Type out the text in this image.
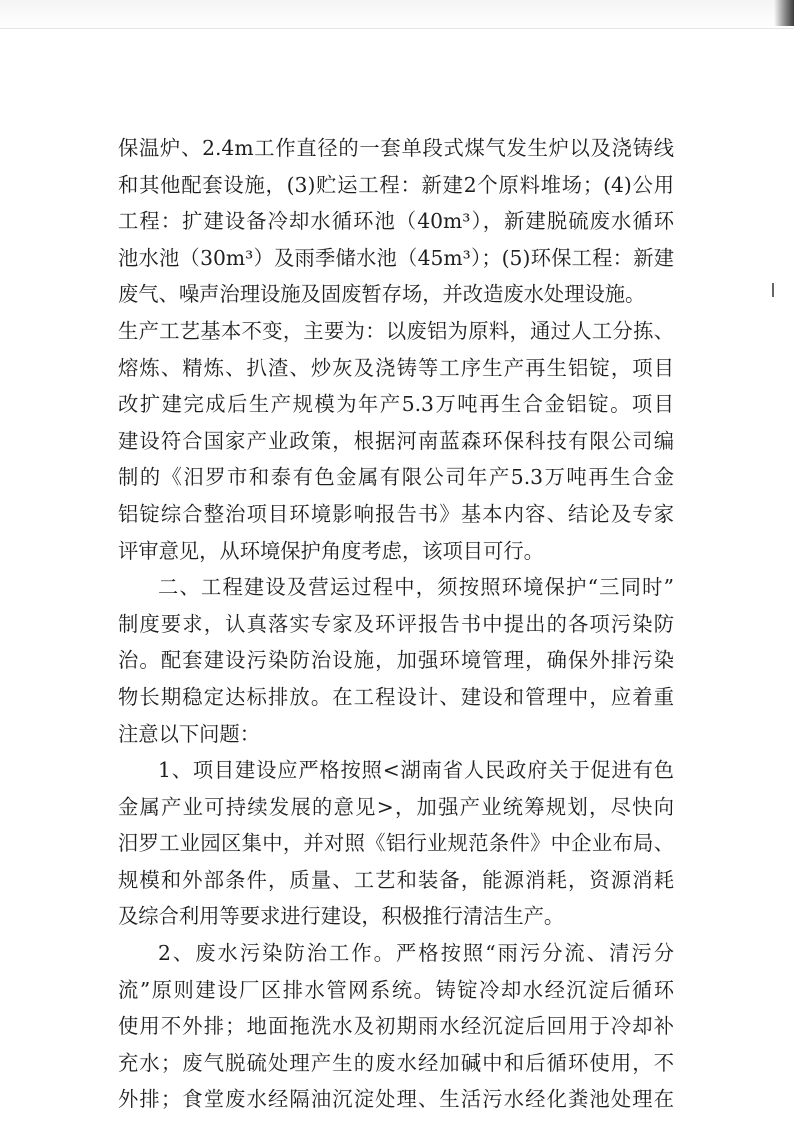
保温炉、2.4m工作直径的一套单段式煤气发生炉以及浇铸线
和其他配套设施，(3)贮运工程：新建2个原料堆场；(4)公用
工程：扩建设备冷却水循环池（40m³），新建脱硫废水循环
池水池（30m³）及雨季储水池（45m³）；(5)环保工程：新建
废气、噪声治理设施及固废暂存场，并改造废水处理设施。
生产工艺基本不变，主要为：以废铝为原料，通过人工分拣、
熔炼、精炼、扒渣、炒灰及浇铸等工序生产再生铝锭，项目
改扩建完成后生产规模为年产5.3万吨再生合金铝锭。项目
建设符合国家产业政策，根据河南蓝森环保科技有限公司编
制的《汨罗市和泰有色金属有限公司年产5.3万吨再生合金
铝锭综合整治项目环境影响报告书》基本内容、结论及专家
评审意见，从环境保护角度考虑，该项目可行。
二、工程建设及营运过程中，须按照环境保护“三同时”
制度要求，认真落实专家及环评报告书中提出的各项污染防
治。配套建设污染防治设施，加强环境管理，确保外排污染
物长期稳定达标排放。在工程设计、建设和管理中，应着重
注意以下问题：
1、项目建设应严格按照<湖南省人民政府关于促进有色
金属产业可持续发展的意见>，加强产业统筹规划，尽快向
汨罗工业园区集中，并对照《铝行业规范条件》中企业布局、
规模和外部条件，质量、工艺和装备，能源消耗，资源消耗
及综合利用等要求进行建设，积极推行清洁生产。
2、废水污染防治工作。严格按照“雨污分流、清污分
流”原则建设厂区排水管网系统。铸锭冷却水经沉淀后循环
使用不外排；地面拖洗水及初期雨水经沉淀后回用于冷却补
充水；废气脱硫处理产生的废水经加碱中和后循环使用，不
外排；食堂废水经隔油沉淀处理、生活污水经化粪池处理在
